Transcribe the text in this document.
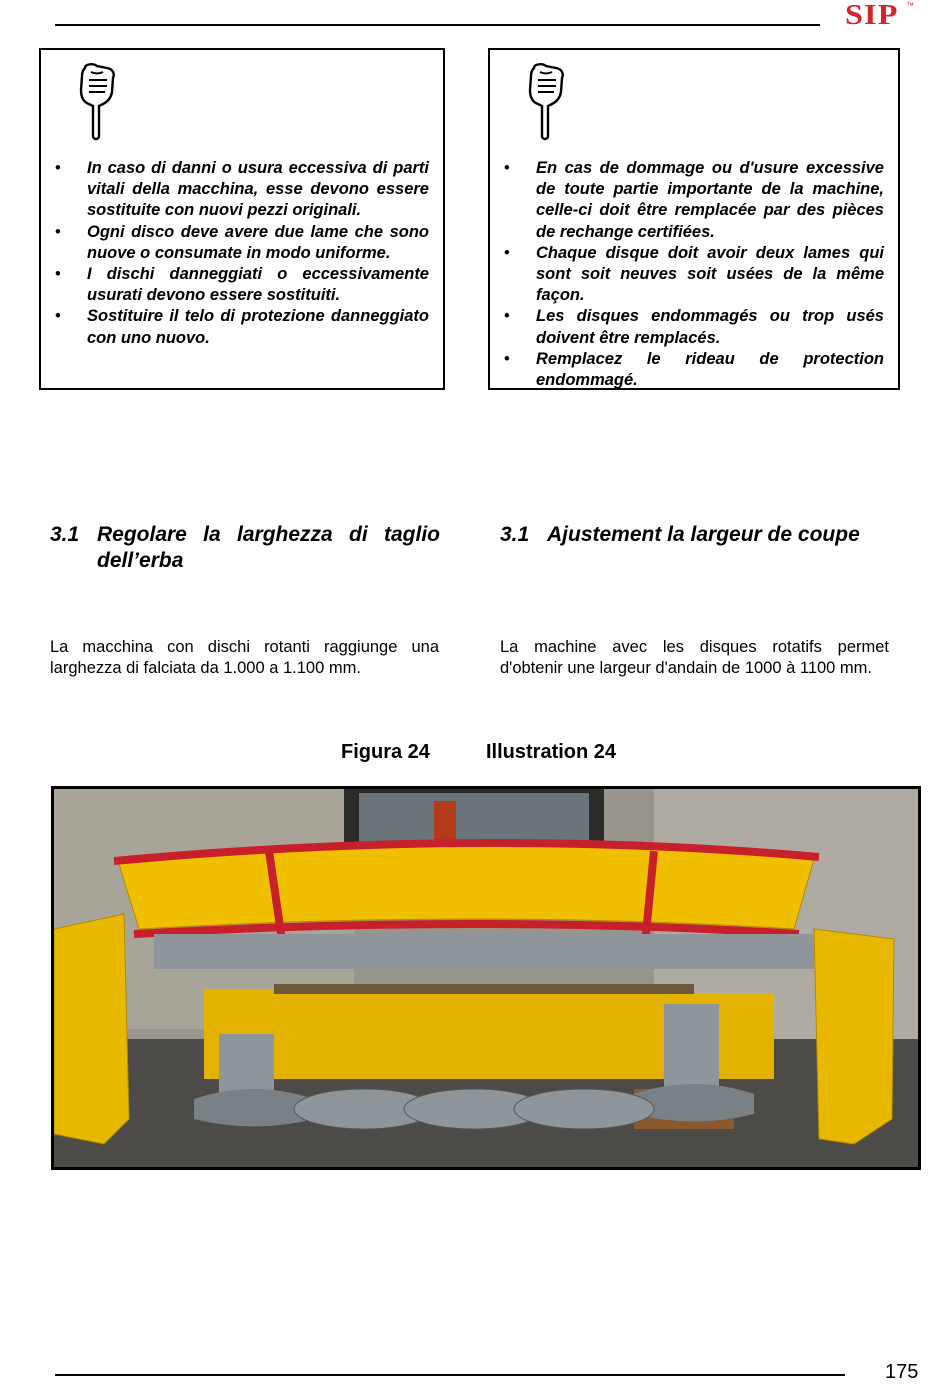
SIP ™
• In caso di danni o usura eccessiva di parti vitali della macchina, esse devono essere sostituite con nuovi pezzi originali.
• Ogni disco deve avere due lame che sono nuove o consumate in modo uniforme.
• I dischi danneggiati o eccessivamente usurati devono essere sostituiti.
• Sostituire il telo di protezione danneggiato con uno nuovo.
• En cas de dommage ou d'usure excessive de toute partie importante de la machine, celle-ci doit être remplacée par des pièces de rechange certifiées.
• Chaque disque doit avoir deux lames qui sont soit neuves soit usées de la même façon.
• Les disques endommagés ou trop usés doivent être remplacés.
• Remplacez le rideau de protection endommagé.
3.1 Regolare la larghezza di taglio dell’erba
3.1 Ajustement la largeur de coupe
La macchina con dischi rotanti raggiunge una larghezza di falciata da 1.000 a 1.100 mm.
La machine avec les disques rotatifs permet d'obtenir une largeur d'andain de 1000 à 1100 mm.
Figura 24	Illustration 24
175
